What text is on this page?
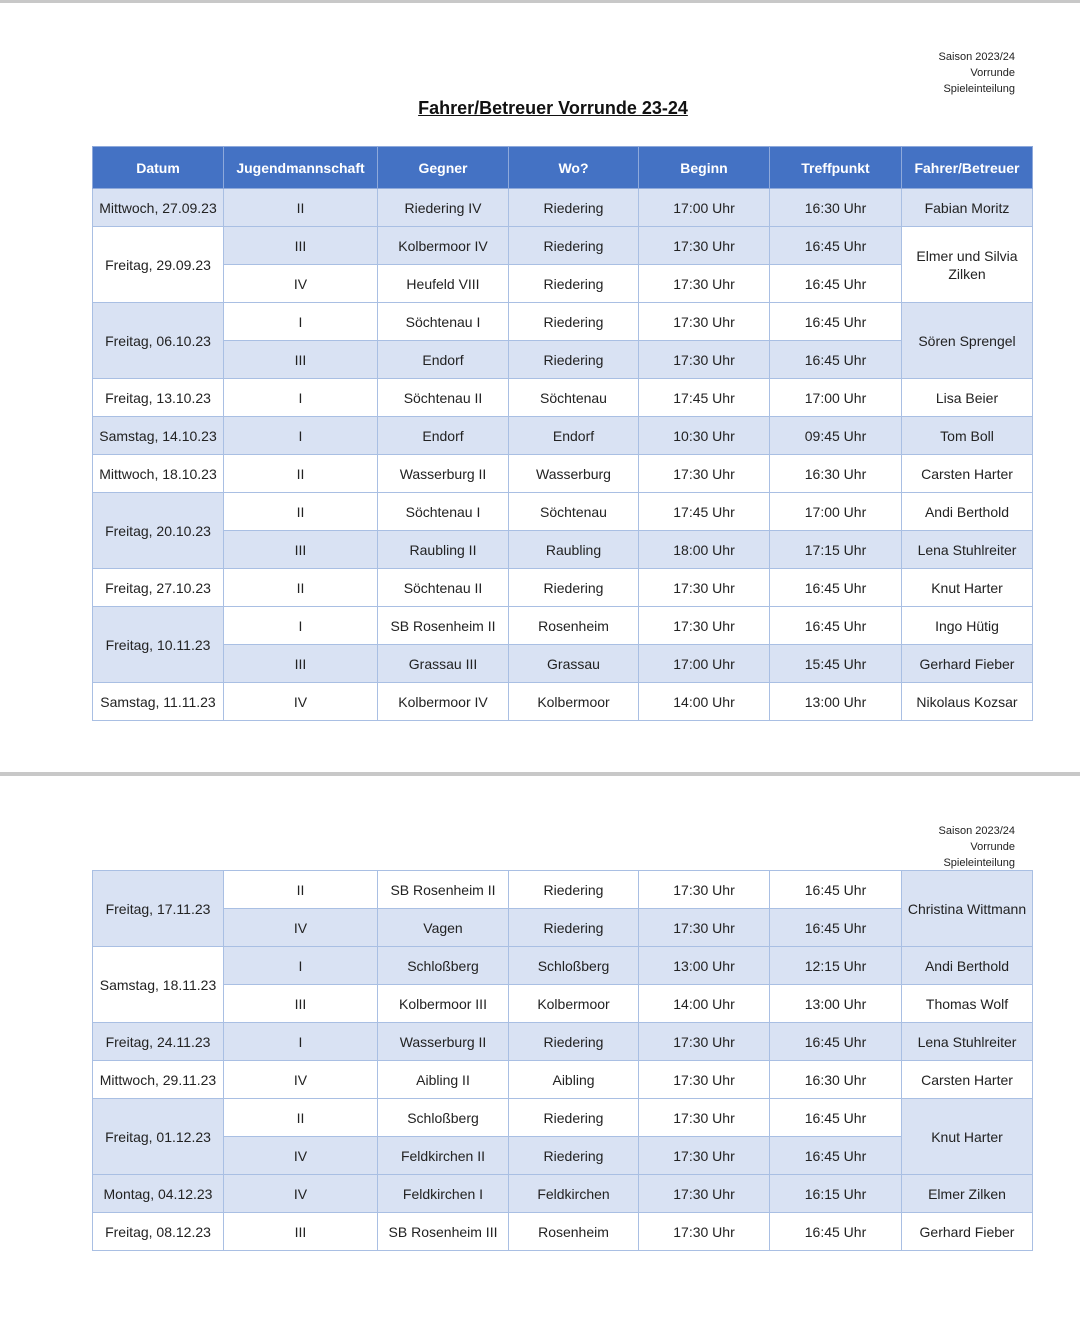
Saison 2023/24
Vorrunde
Spieleinteilung
Fahrer/Betreuer Vorrunde 23-24
Datum	Jugendmannschaft	Gegner	Wo?	Beginn	Treffpunkt	Fahrer/Betreuer
Mittwoch, 27.09.23	II	Riedering IV	Riedering	17:00 Uhr	16:30 Uhr	Fabian Moritz
Freitag, 29.09.23	III	Kolbermoor IV	Riedering	17:30 Uhr	16:45 Uhr	Elmer und Silvia Zilken
	IV	Heufeld VIII	Riedering	17:30 Uhr	16:45 Uhr	
Freitag, 06.10.23	I	Söchtenau I	Riedering	17:30 Uhr	16:45 Uhr	Sören Sprengel
	III	Endorf	Riedering	17:30 Uhr	16:45 Uhr	
Freitag, 13.10.23	I	Söchtenau II	Söchtenau	17:45 Uhr	17:00 Uhr	Lisa Beier
Samstag, 14.10.23	I	Endorf	Endorf	10:30 Uhr	09:45 Uhr	Tom Boll
Mittwoch, 18.10.23	II	Wasserburg II	Wasserburg	17:30 Uhr	16:30 Uhr	Carsten Harter
Freitag, 20.10.23	II	Söchtenau I	Söchtenau	17:45 Uhr	17:00 Uhr	Andi Berthold
	III	Raubling II	Raubling	18:00 Uhr	17:15 Uhr	Lena Stuhlreiter
Freitag, 27.10.23	II	Söchtenau II	Riedering	17:30 Uhr	16:45 Uhr	Knut Harter
Freitag, 10.11.23	I	SB Rosenheim II	Rosenheim	17:30 Uhr	16:45 Uhr	Ingo Hütig
	III	Grassau III	Grassau	17:00 Uhr	15:45 Uhr	Gerhard Fieber
Samstag, 11.11.23	IV	Kolbermoor IV	Kolbermoor	14:00 Uhr	13:00 Uhr	Nikolaus Kozsar
Saison 2023/24
Vorrunde
Spieleinteilung
Freitag, 17.11.23	II	SB Rosenheim II	Riedering	17:30 Uhr	16:45 Uhr	Christina Wittmann
	IV	Vagen	Riedering	17:30 Uhr	16:45 Uhr	
Samstag, 18.11.23	I	Schloßberg	Schloßberg	13:00 Uhr	12:15 Uhr	Andi Berthold
	III	Kolbermoor III	Kolbermoor	14:00 Uhr	13:00 Uhr	Thomas Wolf
Freitag, 24.11.23	I	Wasserburg II	Riedering	17:30 Uhr	16:45 Uhr	Lena Stuhlreiter
Mittwoch, 29.11.23	IV	Aibling II	Aibling	17:30 Uhr	16:30 Uhr	Carsten Harter
Freitag, 01.12.23	II	Schloßberg	Riedering	17:30 Uhr	16:45 Uhr	Knut Harter
	IV	Feldkirchen II	Riedering	17:30 Uhr	16:45 Uhr	
Montag, 04.12.23	IV	Feldkirchen I	Feldkirchen	17:30 Uhr	16:15 Uhr	Elmer Zilken
Freitag, 08.12.23	III	SB Rosenheim III	Rosenheim	17:30 Uhr	16:45 Uhr	Gerhard Fieber
